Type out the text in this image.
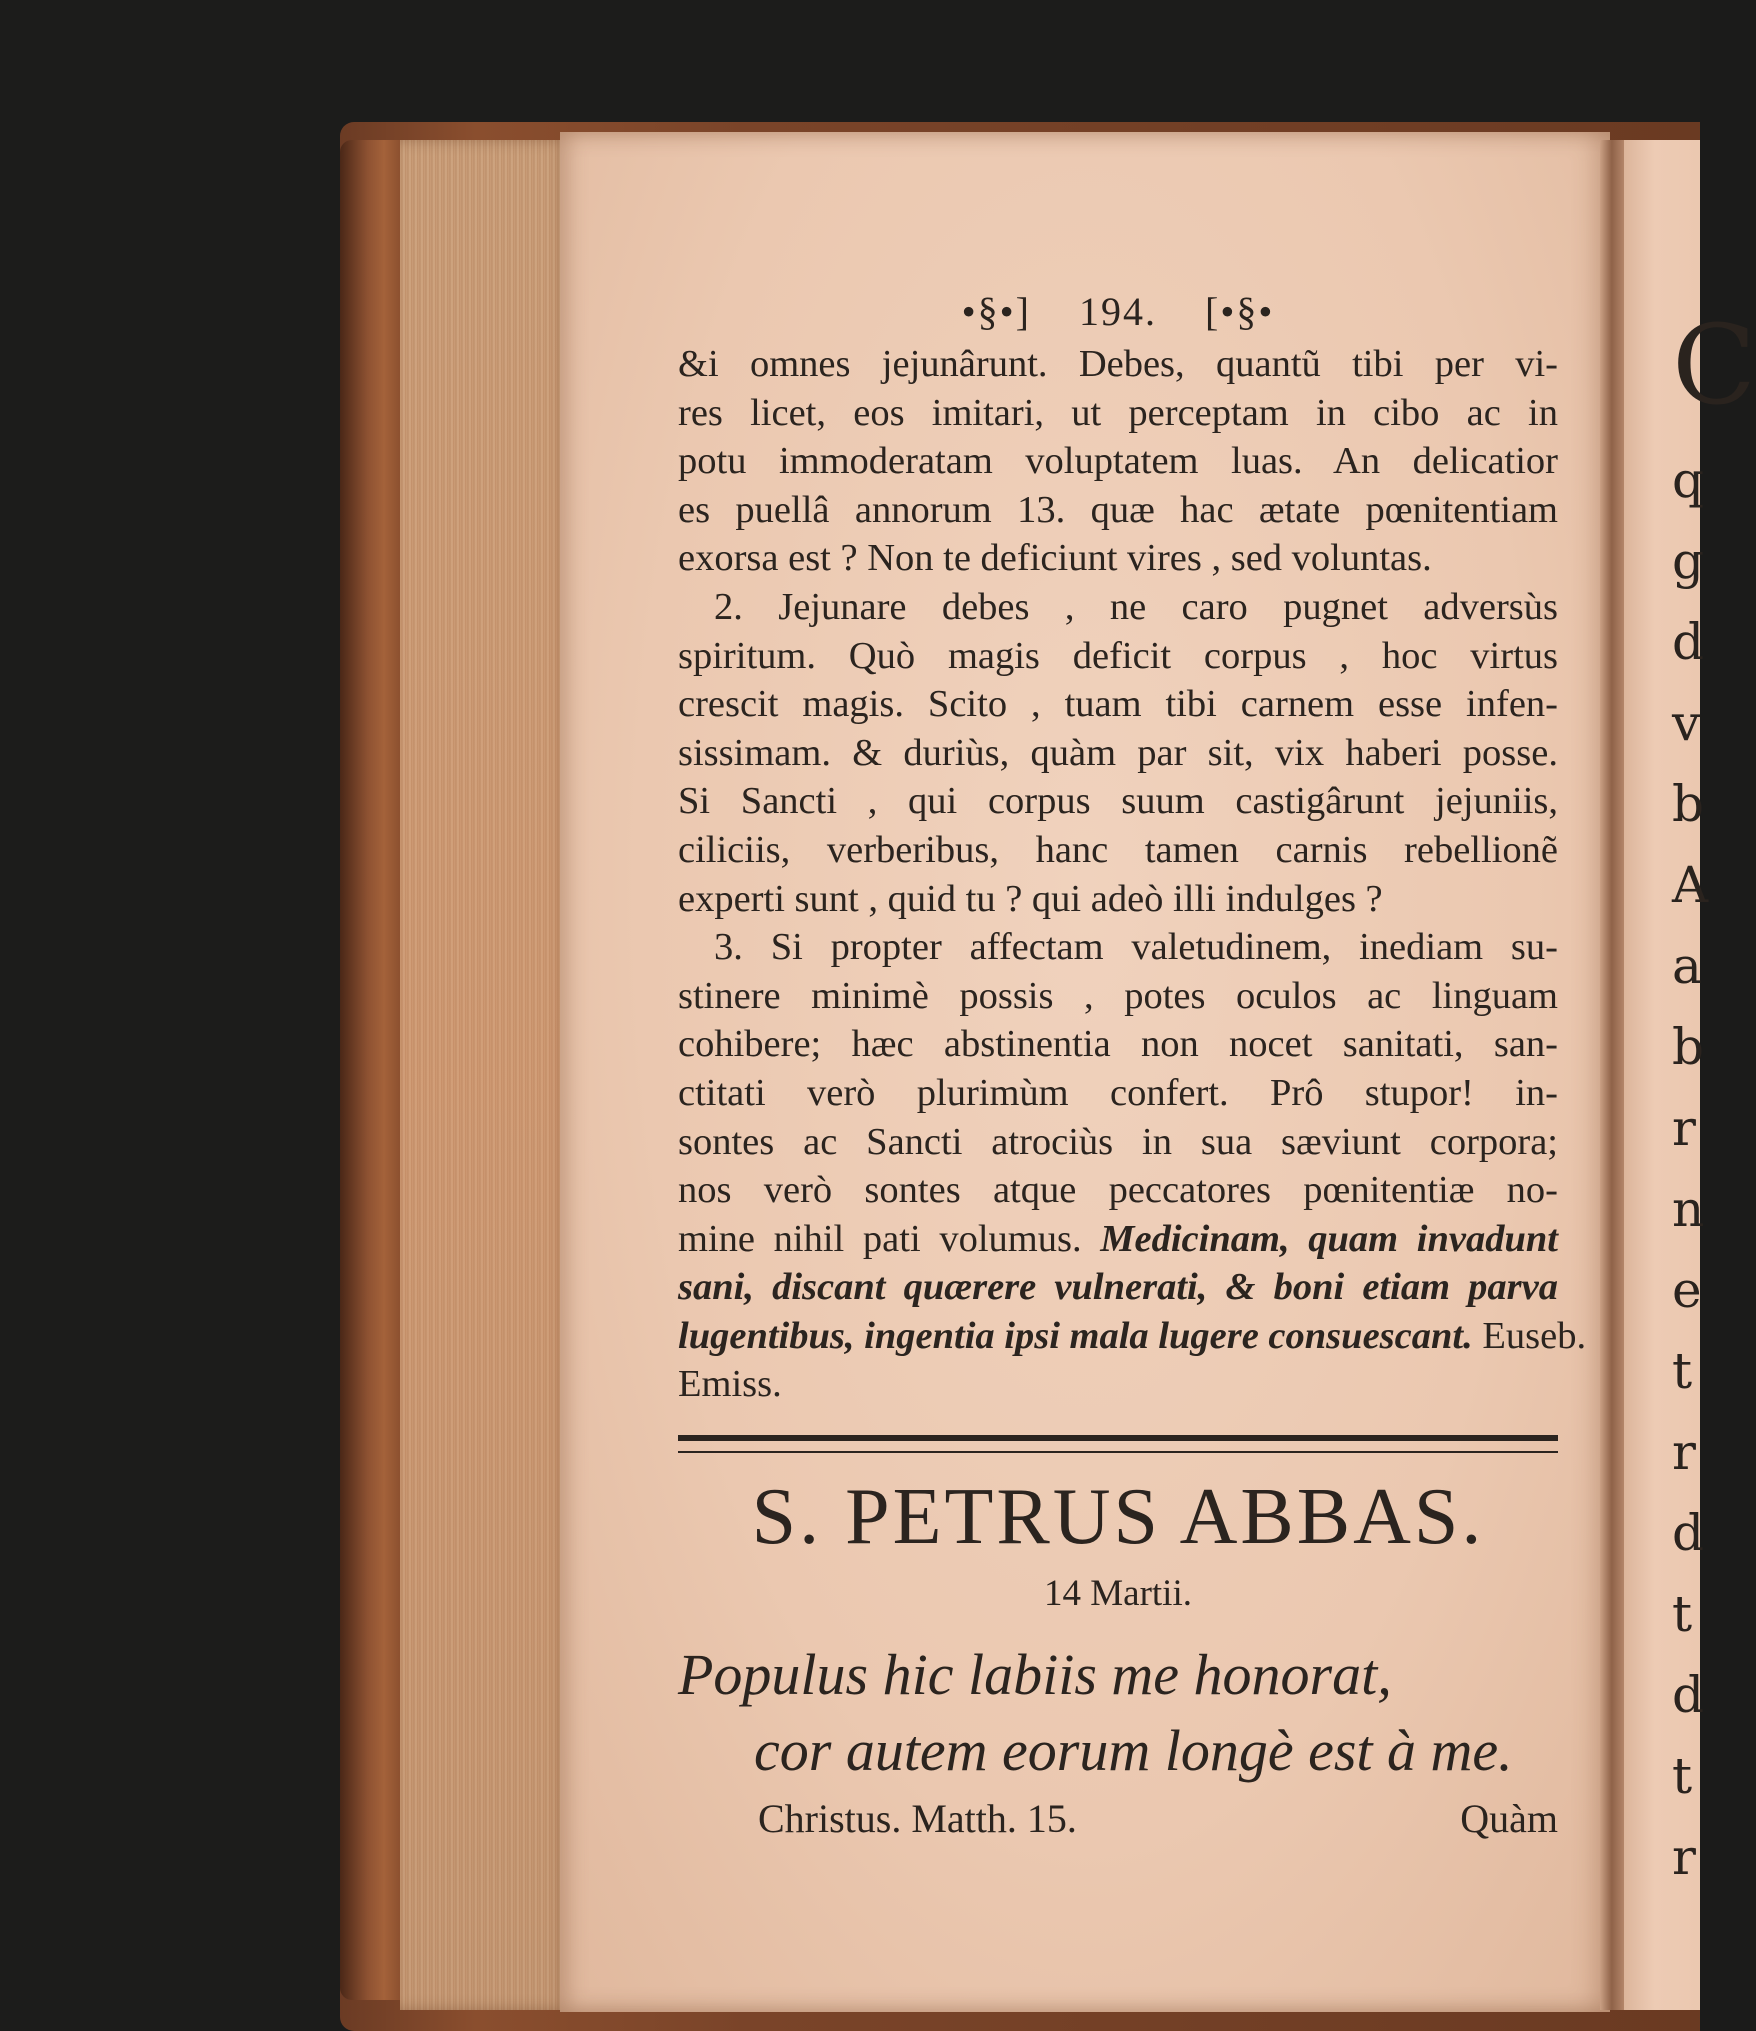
C
q
g
d
v
b
A
a
b
r
n
e
t
r
d
t
d
t
r
•§•] 194. [•§•
&i omnes jejunârunt. Debes, quantũ tibi per vi-
res licet, eos imitari, ut perceptam in cibo ac in
potu immoderatam voluptatem luas. An delicatior
es puellâ annorum 13. quæ hac ætate pœnitentiam
exorsa est ? Non te deficiunt vires , sed voluntas.
2. Jejunare debes , ne caro pugnet adversùs
spiritum. Quò magis deficit corpus , hoc virtus
crescit magis. Scito , tuam tibi carnem esse infen-
sissimam. & duriùs, quàm par sit, vix haberi posse.
Si Sancti , qui corpus suum castigârunt jejuniis,
ciliciis, verberibus, hanc tamen carnis rebellionẽ
experti sunt , quid tu ? qui adeò illi indulges ?
3. Si propter affectam valetudinem, inediam su-
stinere minimè possis , potes oculos ac linguam
cohibere; hæc abstinentia non nocet sanitati, san-
ctitati verò plurimùm confert. Prô stupor! in-
sontes ac Sancti atrociùs in sua sæviunt corpora;
nos verò sontes atque peccatores pœnitentiæ no-
mine nihil pati volumus. Medicinam, quam invadunt
sani, discant quærere vulnerati, & boni etiam parva
lugentibus, ingentia ipsi mala lugere consuescant. Euseb.
Emiss.
S. PETRUS ABBAS.
14 Martii.
Populus hic labiis me honorat,
cor autem eorum longè est à me.
Christus. Matth. 15.	Quàm
